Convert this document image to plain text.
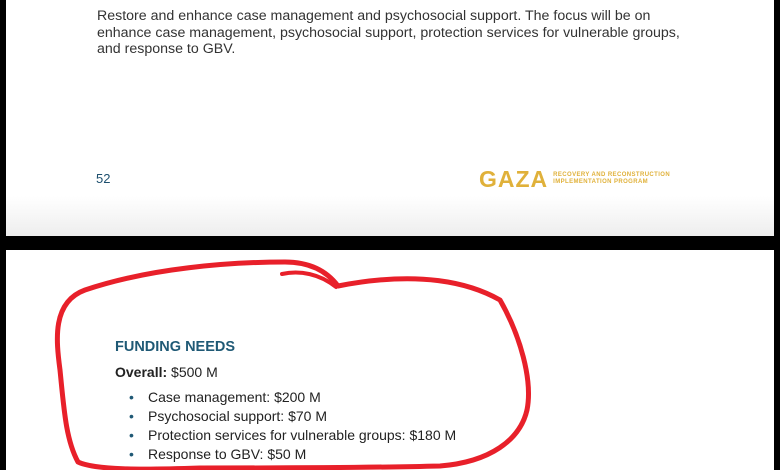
Restore and enhance case management and psychosocial support. The focus will be on enhance case management, psychosocial support, protection services for vulnerable groups, and response to GBV.

52	GAZA RECOVERY AND RECONSTRUCTION
IMPLEMENTATION PROGRAM
FUNDING NEEDS
Overall: $500 M
• Case management: $200 M
• Psychosocial support: $70 M
• Protection services for vulnerable groups: $180 M
• Response to GBV: $50 M
